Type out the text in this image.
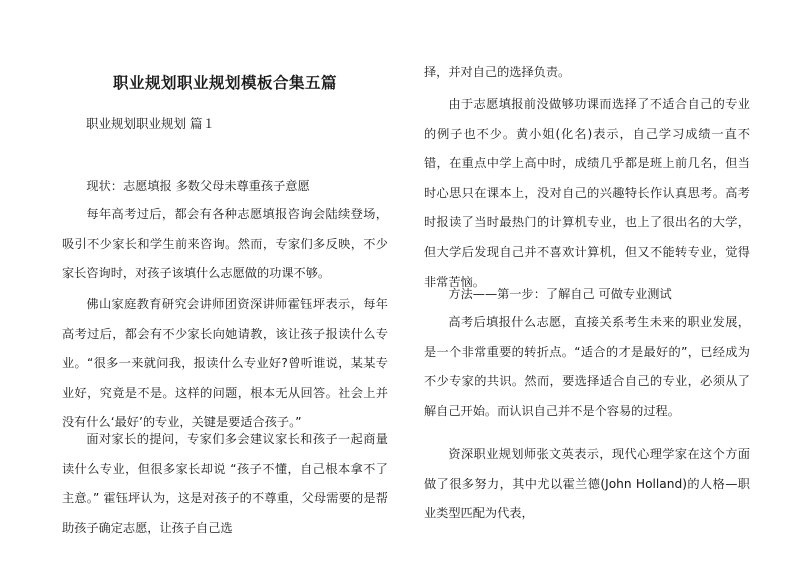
职业规划职业规划模板合集五篇

职业规划职业规划 篇１

现状：志愿填报 多数父母未尊重孩子意愿

每年高考过后，都会有各种志愿填报咨询会陆续登场，吸引不少家长和学生前来咨询。然而，专家们多反映，不少家长咨询时，对孩子该填什么志愿做的功课不够。

佛山家庭教育研究会讲师团资深讲师霍钰坪表示，每年高考过后，都会有不少家长向她请教，该让孩子报读什么专业。“很多一来就问我，报读什么专业好?曾听谁说，某某专业好，究竟是不是。这样的问题，根本无从回答。社会上并没有什么‘最好’的专业，关键是要适合孩子。”

面对家长的提问，专家们多会建议家长和孩子一起商量读什么专业，但很多家长却说 “孩子不懂，自己根本拿不了主意。” 霍钰坪认为，这是对孩子的不尊重，父母需要的是帮助孩子确定志愿，让孩子自己选

择，并对自己的选择负责。

由于志愿填报前没做够功课而选择了不适合自己的专业的例子也不少。黄小姐(化名)表示，自己学习成绩一直不错，在重点中学上高中时，成绩几乎都是班上前几名，但当时心思只在课本上，没对自己的兴趣特长作认真思考。高考时报读了当时最热门的计算机专业，也上了很出名的大学，但大学后发现自己并不喜欢计算机，但又不能转专业，觉得非常苦恼。

方法——第一步：了解自己 可做专业测试

高考后填报什么志愿，直接关系考生未来的职业发展，是一个非常重要的转折点。“适合的才是最好的”，已经成为不少专家的共识。然而，要选择适合自己的专业，必须从了解自己开始。而认识自己并不是个容易的过程。

资深职业规划师张文英表示，现代心理学家在这个方面做了很多努力，其中尤以霍兰德(John Holland)的人格—职业类型匹配为代表，
